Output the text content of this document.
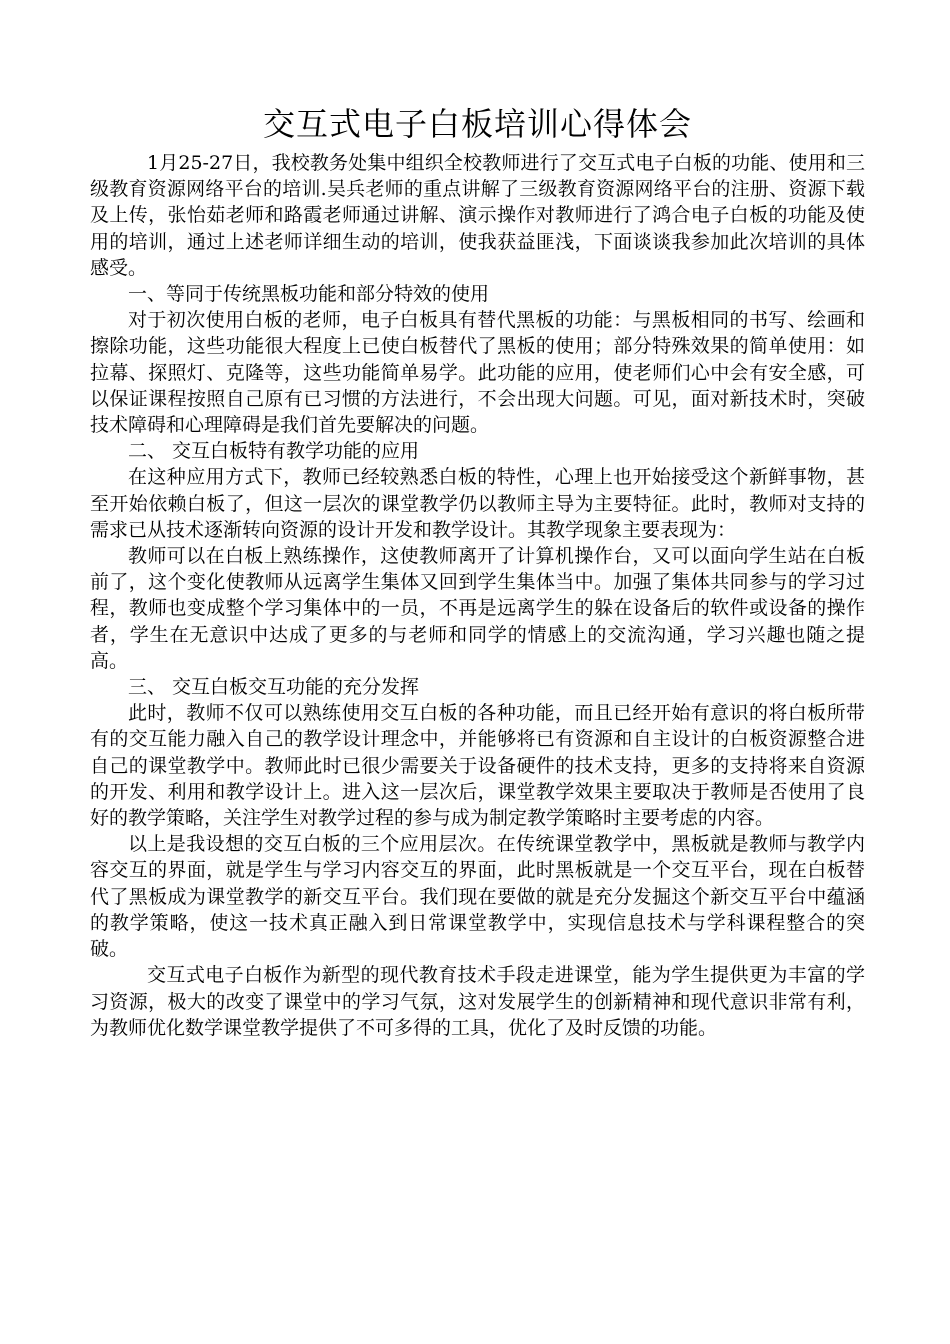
交互式电子白板培训心得体会

1月25-27日，我校教务处集中组织全校教师进行了交互式电子白板的功能、使用和三级教育资源网络平台的培训.吴兵老师的重点讲解了三级教育资源网络平台的注册、资源下载及上传，张怡茹老师和路霞老师通过讲解、演示操作对教师进行了鸿合电子白板的功能及使用的培训，通过上述老师详细生动的培训，使我获益匪浅，下面谈谈我参加此次培训的具体感受。

一、等同于传统黑板功能和部分特效的使用

对于初次使用白板的老师，电子白板具有替代黑板的功能：与黑板相同的书写、绘画和擦除功能，这些功能很大程度上已使白板替代了黑板的使用；部分特殊效果的简单使用：如拉幕、探照灯、克隆等，这些功能简单易学。此功能的应用，使老师们心中会有安全感，可以保证课程按照自己原有已习惯的方法进行，不会出现大问题。可见，面对新技术时，突破技术障碍和心理障碍是我们首先要解决的问题。

二、 交互白板特有教学功能的应用

在这种应用方式下，教师已经较熟悉白板的特性，心理上也开始接受这个新鲜事物，甚至开始依赖白板了，但这一层次的课堂教学仍以教师主导为主要特征。此时，教师对支持的需求已从技术逐渐转向资源的设计开发和教学设计。其教学现象主要表现为：

教师可以在白板上熟练操作，这使教师离开了计算机操作台，又可以面向学生站在白板前了，这个变化使教师从远离学生集体又回到学生集体当中。加强了集体共同参与的学习过程，教师也变成整个学习集体中的一员，不再是远离学生的躲在设备后的软件或设备的操作者，学生在无意识中达成了更多的与老师和同学的情感上的交流沟通，学习兴趣也随之提高。

三、 交互白板交互功能的充分发挥

此时，教师不仅可以熟练使用交互白板的各种功能，而且已经开始有意识的将白板所带有的交互能力融入自己的教学设计理念中，并能够将已有资源和自主设计的白板资源整合进自己的课堂教学中。教师此时已很少需要关于设备硬件的技术支持，更多的支持将来自资源的开发、利用和教学设计上。进入这一层次后，课堂教学效果主要取决于教师是否使用了良好的教学策略，关注学生对教学过程的参与成为制定教学策略时主要考虑的内容。

以上是我设想的交互白板的三个应用层次。在传统课堂教学中，黑板就是教师与教学内容交互的界面，就是学生与学习内容交互的界面，此时黑板就是一个交互平台，现在白板替代了黑板成为课堂教学的新交互平台。我们现在要做的就是充分发掘这个新交互平台中蕴涵的教学策略，使这一技术真正融入到日常课堂教学中，实现信息技术与学科课程整合的突破。

交互式电子白板作为新型的现代教育技术手段走进课堂，能为学生提供更为丰富的学习资源，极大的改变了课堂中的学习气氛，这对发展学生的创新精神和现代意识非常有利，为教师优化数学课堂教学提供了不可多得的工具，优化了及时反馈的功能。
